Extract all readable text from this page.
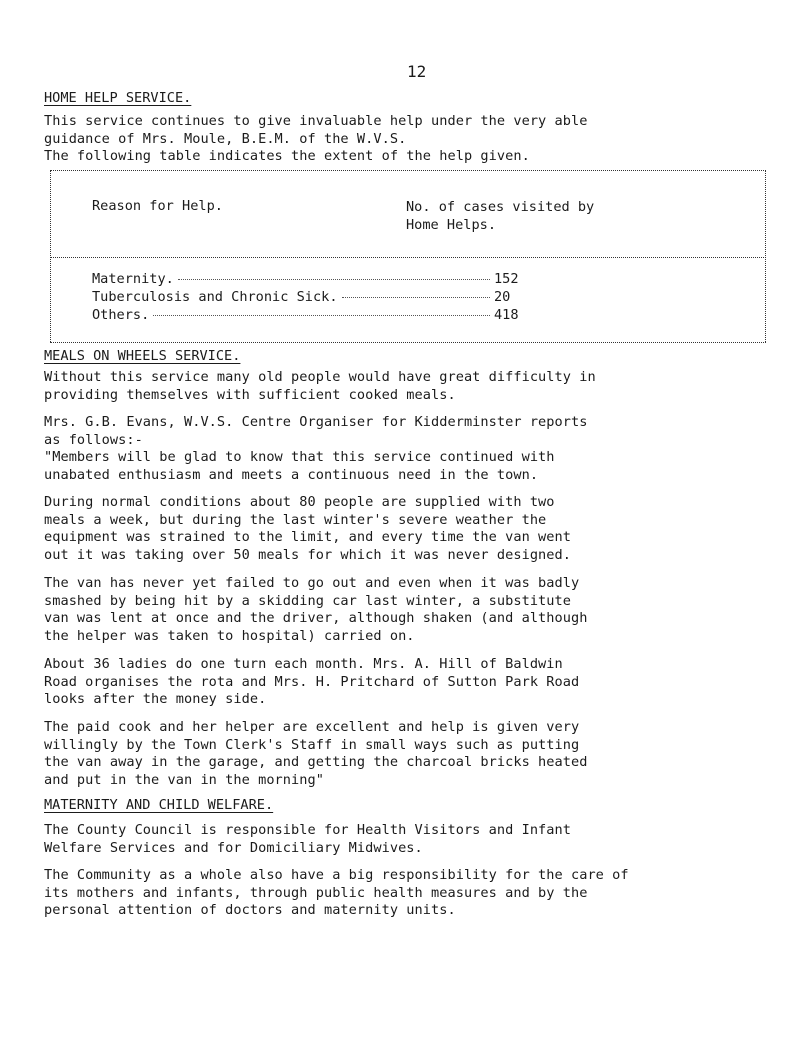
12
HOME HELP SERVICE.
This service continues to give invaluable help under the very able
guidance of Mrs. Moule, B.E.M. of the W.V.S.
The following table indicates the extent of the help given.
Reason for Help.	No. of cases visited by
Home Helps.
Maternity.	152
Tuberculosis and Chronic Sick.	20
Others.	418
MEALS ON WHEELS SERVICE.
Without this service many old people would have great difficulty in
providing themselves with sufficient cooked meals.
Mrs. G.B. Evans, W.V.S. Centre Organiser for Kidderminster reports
as follows:-
"Members will be glad to know that this service continued with
unabated enthusiasm and meets a continuous need in the town.
During normal conditions about 80 people are supplied with two
meals a week, but during the last winter's severe weather the
equipment was strained to the limit, and every time the van went
out it was taking over 50 meals for which it was never designed.
The van has never yet failed to go out and even when it was badly
smashed by being hit by a skidding car last winter, a substitute
van was lent at once and the driver, although shaken (and although
the helper was taken to hospital) carried on.
About 36 ladies do one turn each month. Mrs. A. Hill of Baldwin
Road organises the rota and Mrs. H. Pritchard of Sutton Park Road
looks after the money side.
The paid cook and her helper are excellent and help is given very
willingly by the Town Clerk's Staff in small ways such as putting
the van away in the garage, and getting the charcoal bricks heated
and put in the van in the morning"
MATERNITY AND CHILD WELFARE.
The County Council is responsible for Health Visitors and Infant
Welfare Services and for Domiciliary Midwives.
The Community as a whole also have a big responsibility for the care of
its mothers and infants, through public health measures and by the
personal attention of doctors and maternity units.
